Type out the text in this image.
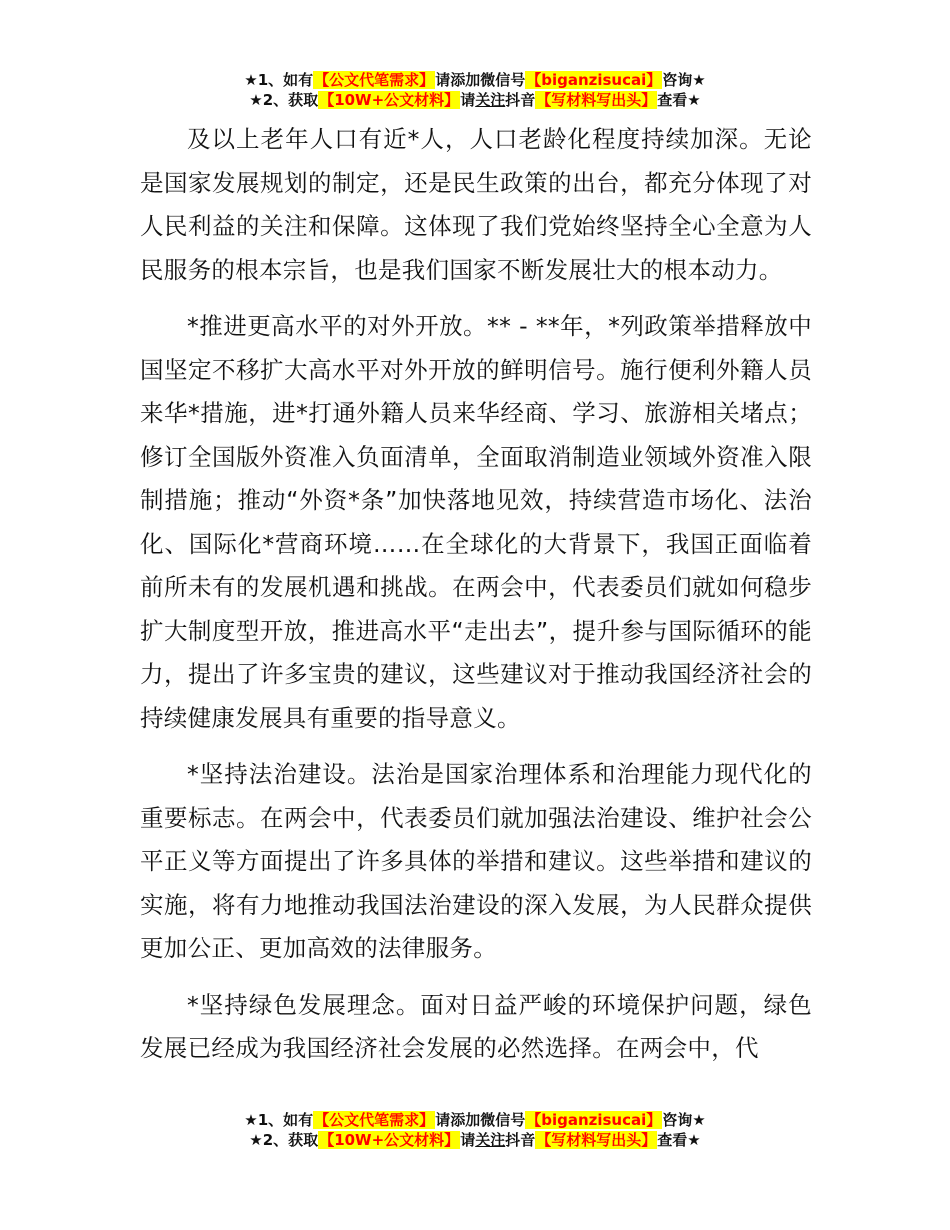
★1、如有【公文代笔需求】请添加微信号【biganzisucai】咨询★
★2、获取【10W+公文材料】请关注抖音【写材料写出头】查看★

及以上老年人口有近*人，人口老龄化程度持续加深。无论是国家发展规划的制定，还是民生政策的出台，都充分体现了对人民利益的关注和保障。这体现了我们党始终坚持全心全意为人民服务的根本宗旨，也是我们国家不断发展壮大的根本动力。

*推进更高水平的对外开放。** - **年，*列政策举措释放中国坚定不移扩大高水平对外开放的鲜明信号。施行便利外籍人员来华*措施，进*打通外籍人员来华经商、学习、旅游相关堵点；修订全国版外资准入负面清单，全面取消制造业领域外资准入限制措施；推动“外资*条”加快落地见效，持续营造市场化、法治化、国际化*营商环境……在全球化的大背景下，我国正面临着前所未有的发展机遇和挑战。在两会中，代表委员们就如何稳步扩大制度型开放，推进高水平“走出去”，提升参与国际循环的能力，提出了许多宝贵的建议，这些建议对于推动我国经济社会的持续健康发展具有重要的指导意义。

*坚持法治建设。法治是国家治理体系和治理能力现代化的重要标志。在两会中，代表委员们就加强法治建设、维护社会公平正义等方面提出了许多具体的举措和建议。这些举措和建议的实施，将有力地推动我国法治建设的深入发展，为人民群众提供更加公正、更加高效的法律服务。

*坚持绿色发展理念。面对日益严峻的环境保护问题，绿色发展已经成为我国经济社会发展的必然选择。在两会中，代

★1、如有【公文代笔需求】请添加微信号【biganzisucai】咨询★
★2、获取【10W+公文材料】请关注抖音【写材料写出头】查看★
